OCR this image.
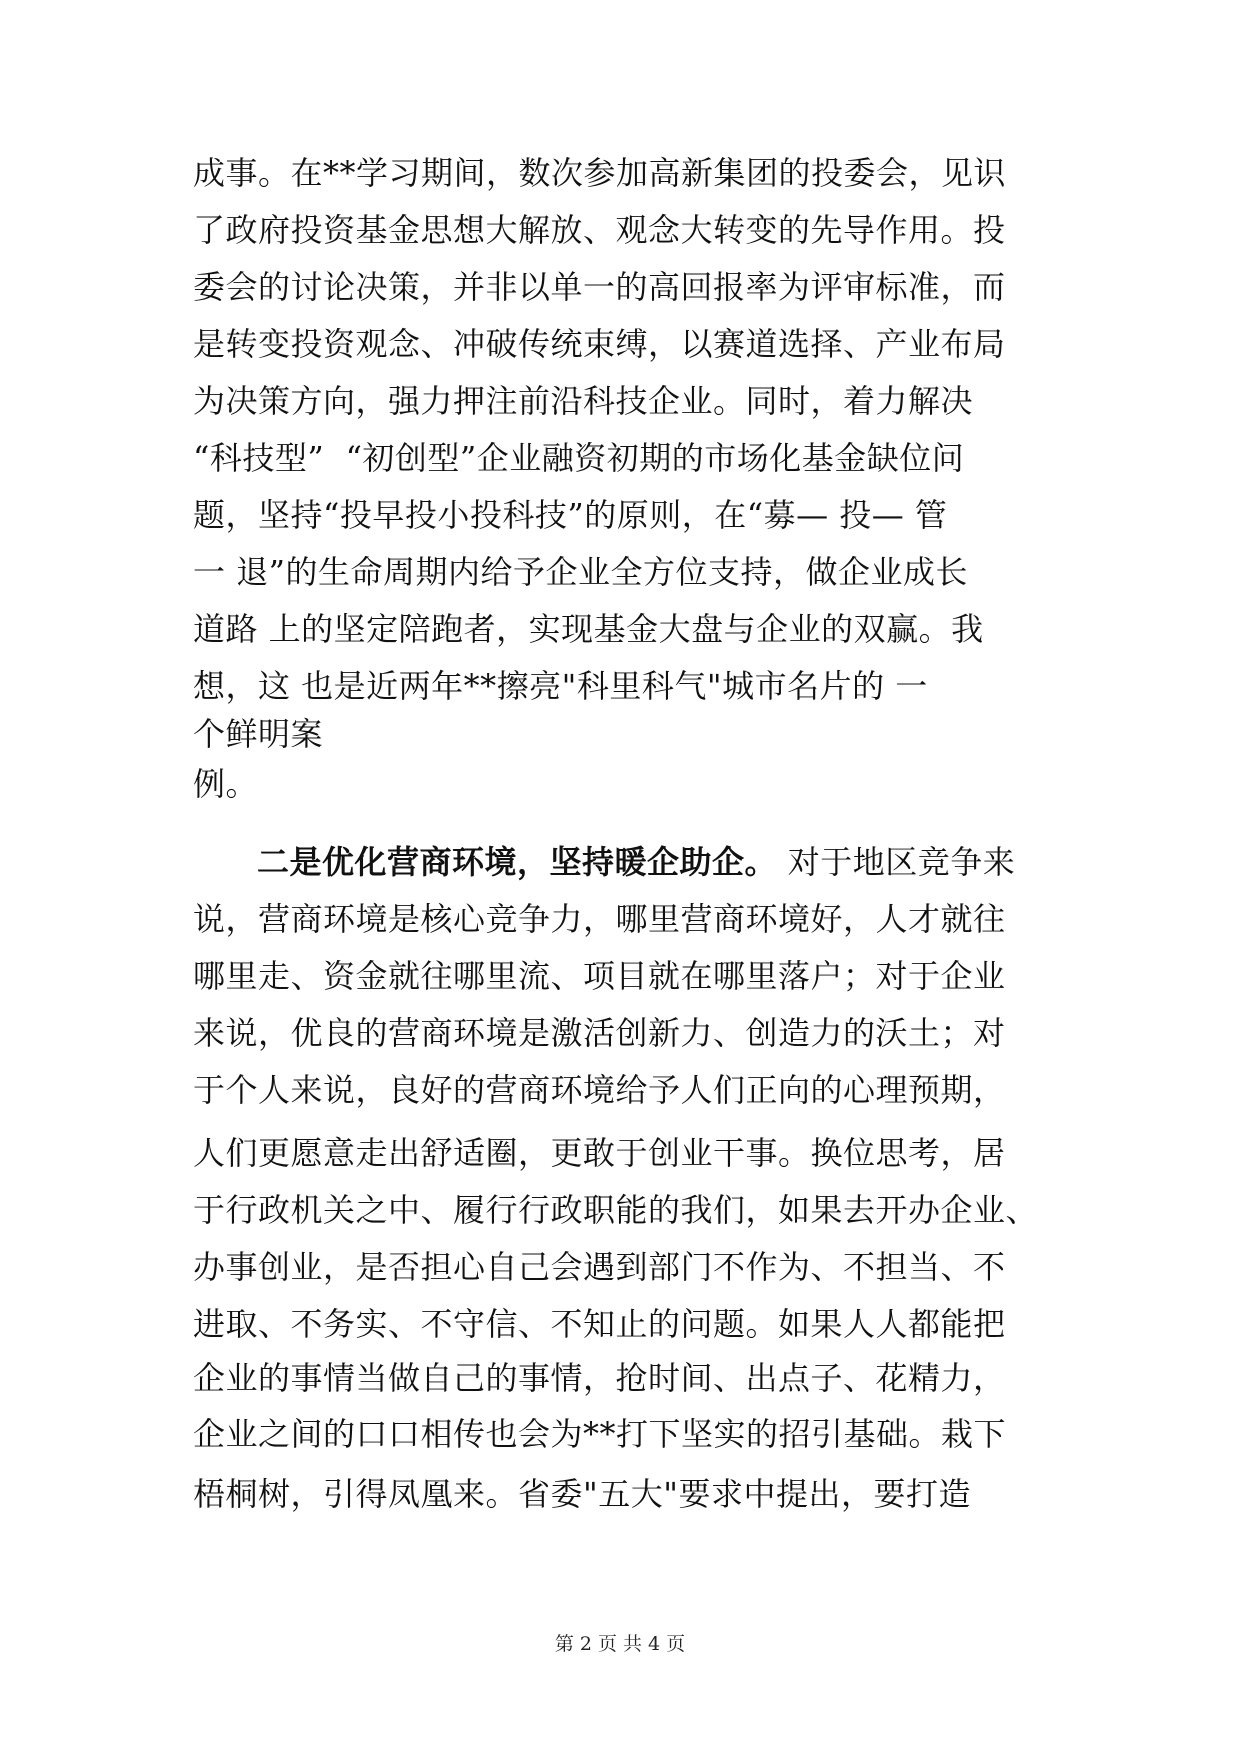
成事。在**学习期间，数次参加高新集团的投委会，见识
了政府投资基金思想大解放、观念大转变的先导作用。投
委会的讨论决策，并非以单一的高回报率为评审标准，而
是转变投资观念、冲破传统束缚，以赛道选择、产业布局
为决策方向，强力押注前沿科技企业。同时，着力解决
“科技型”  “初创型”企业融资初期的市场化基金缺位问
题，坚持“投早投小投科技”的原则，在“募— 投— 管
一 退”的生命周期内给予企业全方位支持，做企业成长
道路 上的坚定陪跑者，实现基金大盘与企业的双赢。我
想，这 也是近两年**擦亮"科里科气"城市名片的 一
个鲜明案
例。
二是优化营商环境，坚持暖企助企。 对于地区竞争来
说，营商环境是核心竞争力，哪里营商环境好，人才就往
哪里走、资金就往哪里流、项目就在哪里落户；对于企业
来说，优良的营商环境是激活创新力、创造力的沃土；对
于个人来说，良好的营商环境给予人们正向的心理预期，
人们更愿意走出舒适圈，更敢于创业干事。换位思考，居
于行政机关之中、履行行政职能的我们，如果去开办企业、
办事创业，是否担心自己会遇到部门不作为、不担当、不
进取、不务实、不守信、不知止的问题。如果人人都能把
企业的事情当做自己的事情，抢时间、出点子、花精力，
企业之间的口口相传也会为**打下坚实的招引基础。栽下
梧桐树，引得凤凰来。省委"五大"要求中提出，要打造
第 2 页 共 4 页
